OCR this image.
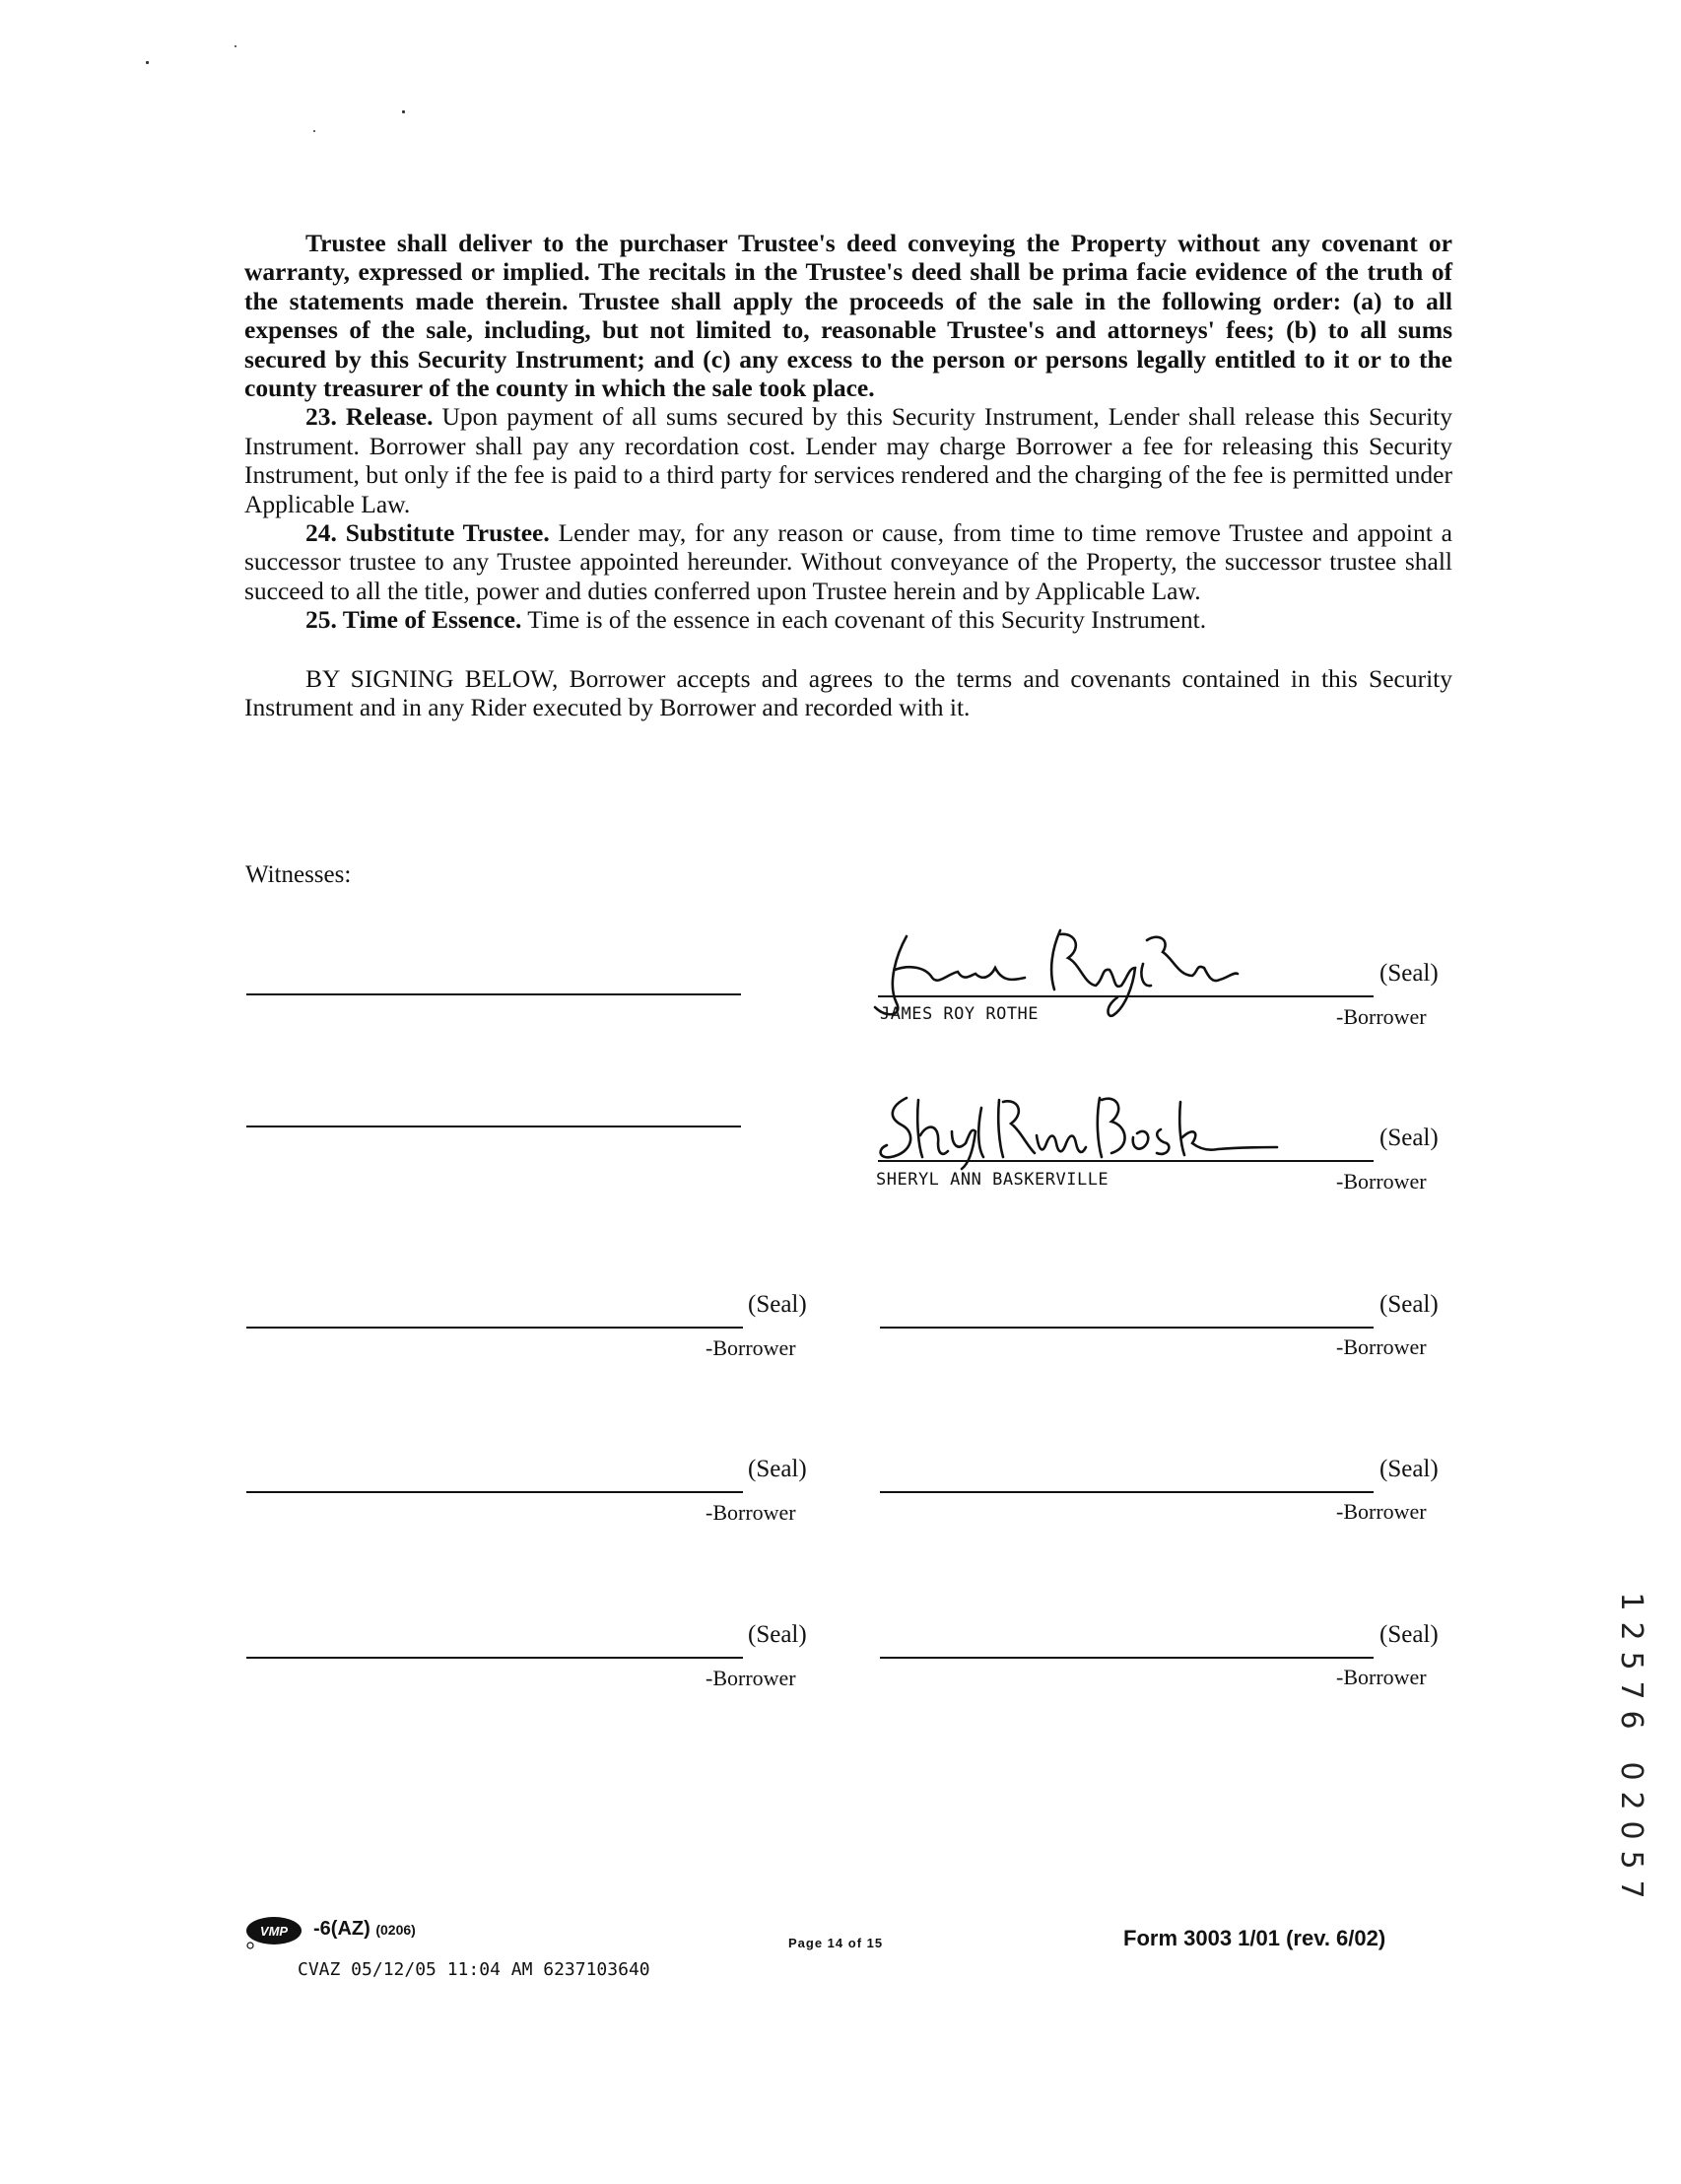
Trustee shall deliver to the purchaser Trustee's deed conveying the Property without any covenant or warranty, expressed or implied. The recitals in the Trustee's deed shall be prima facie evidence of the truth of the statements made therein. Trustee shall apply the proceeds of the sale in the following order: (a) to all expenses of the sale, including, but not limited to, reasonable Trustee's and attorneys' fees; (b) to all sums secured by this Security Instrument; and (c) any excess to the person or persons legally entitled to it or to the county treasurer of the county in which the sale took place.

23. Release. Upon payment of all sums secured by this Security Instrument, Lender shall release this Security Instrument. Borrower shall pay any recordation cost. Lender may charge Borrower a fee for releasing this Security Instrument, but only if the fee is paid to a third party for services rendered and the charging of the fee is permitted under Applicable Law.

24. Substitute Trustee. Lender may, for any reason or cause, from time to time remove Trustee and appoint a successor trustee to any Trustee appointed hereunder. Without conveyance of the Property, the successor trustee shall succeed to all the title, power and duties conferred upon Trustee herein and by Applicable Law.

25. Time of Essence. Time is of the essence in each covenant of this Security Instrument.

BY SIGNING BELOW, Borrower accepts and agrees to the terms and covenants contained in this Security Instrument and in any Rider executed by Borrower and recorded with it.

Witnesses:
(Seal)
JAMES ROY ROTHE	-Borrower
(Seal)
SHERYL ANN BASKERVILLE	-Borrower
(Seal)
-Borrower
(Seal)
-Borrower
(Seal)
-Borrower
(Seal)
-Borrower
(Seal)
-Borrower
(Seal)
-Borrower
VMP -6(AZ) (0206)
CVAZ 05/12/05 11:04 AM 6237103640
Page 14 of 15	Form 3003 1/01 (rev. 6/02)
1
2
5
7
6

0
2
0
5
7
